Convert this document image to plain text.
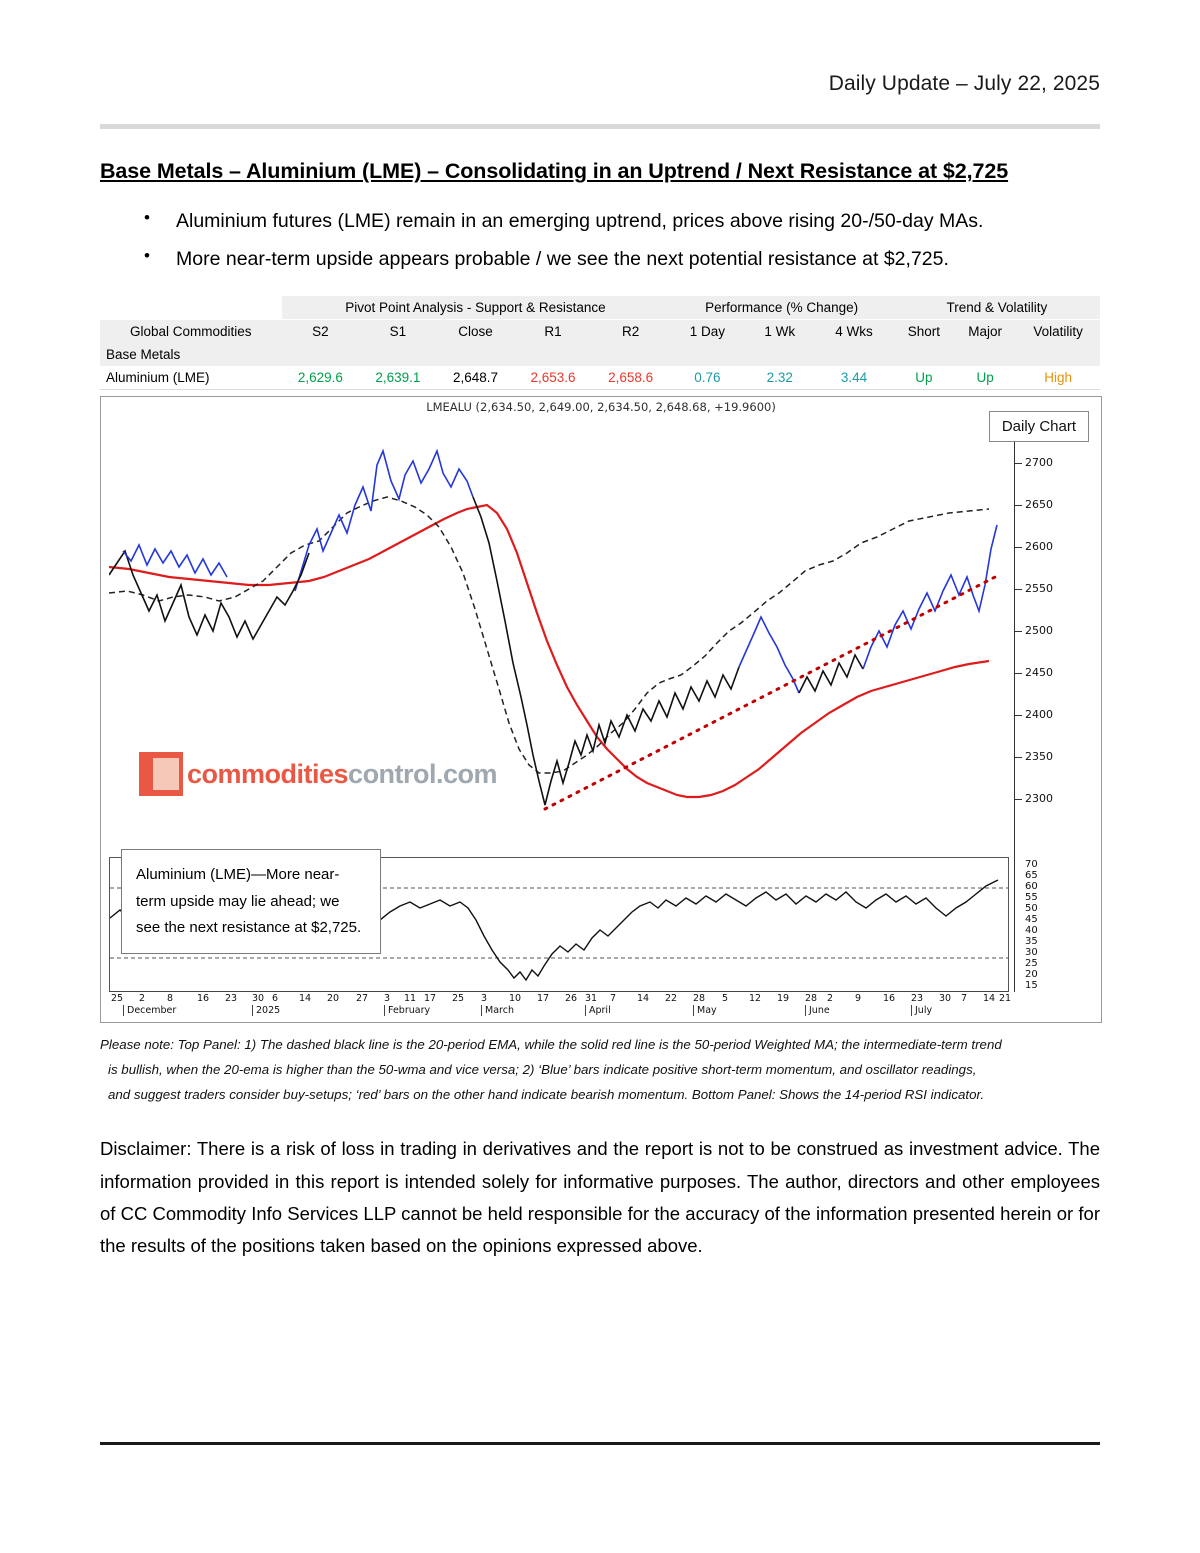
Daily Update – July 22, 2025
Base Metals – Aluminium (LME) – Consolidating in an Uptrend / Next Resistance at $2,725
• Aluminium futures (LME) remain in an emerging uptrend, prices above rising 20-/50-day MAs.
• More near-term upside appears probable / we see the next potential resistance at $2,725.
	Pivot Point Analysis - Support & Resistance					Performance (% Change)			Trend & Volatility		
Global Commodities	S2	S1	Close	R1	R2	1 Day	1 Wk	4 Wks	Short	Major	Volatility
Base Metals											
Aluminium (LME)	2,629.6	2,639.1	2,648.7	2,653.6	2,658.6	0.76	2.32	3.44	Up	Up	High
LMEALU (2,634.50, 2,649.00, 2,634.50, 2,648.68, +19.9600)
Daily Chart
2700
2650
2600
2550
2500
2450
2400
2350
2300
70
65
60
55
50
45
40
35
30
25
20
15
commoditiescontrol.com
Aluminium (LME)—More near-term upside may lie ahead; we see the next resistance at $2,725.
25 2 8	16 23 30 6 14 20 27 3 11 17 25 3 10 17 26 31 7 14 22 28 5 12 19 28 2 9 16 23 30 7 14 21
December	2025	February	March	April	May	June	July
Please note: Top Panel: 1) The dashed black line is the 20-period EMA, while the solid red line is the 50-period Weighted MA; the intermediate-term trend
is bullish, when the 20-ema is higher than the 50-wma and vice versa; 2) ‘Blue’ bars indicate positive short-term momentum, and oscillator readings,
and suggest traders consider buy-setups; ‘red’ bars on the other hand indicate bearish momentum. Bottom Panel: Shows the 14-period RSI indicator.
Disclaimer: There is a risk of loss in trading in derivatives and the report is not to be construed as investment advice. The information provided in this report is intended solely for informative purposes. The author, directors and other employees of CC Commodity Info Services LLP cannot be held responsible for the accuracy of the information presented herein or for the results of the positions taken based on the opinions expressed above.
